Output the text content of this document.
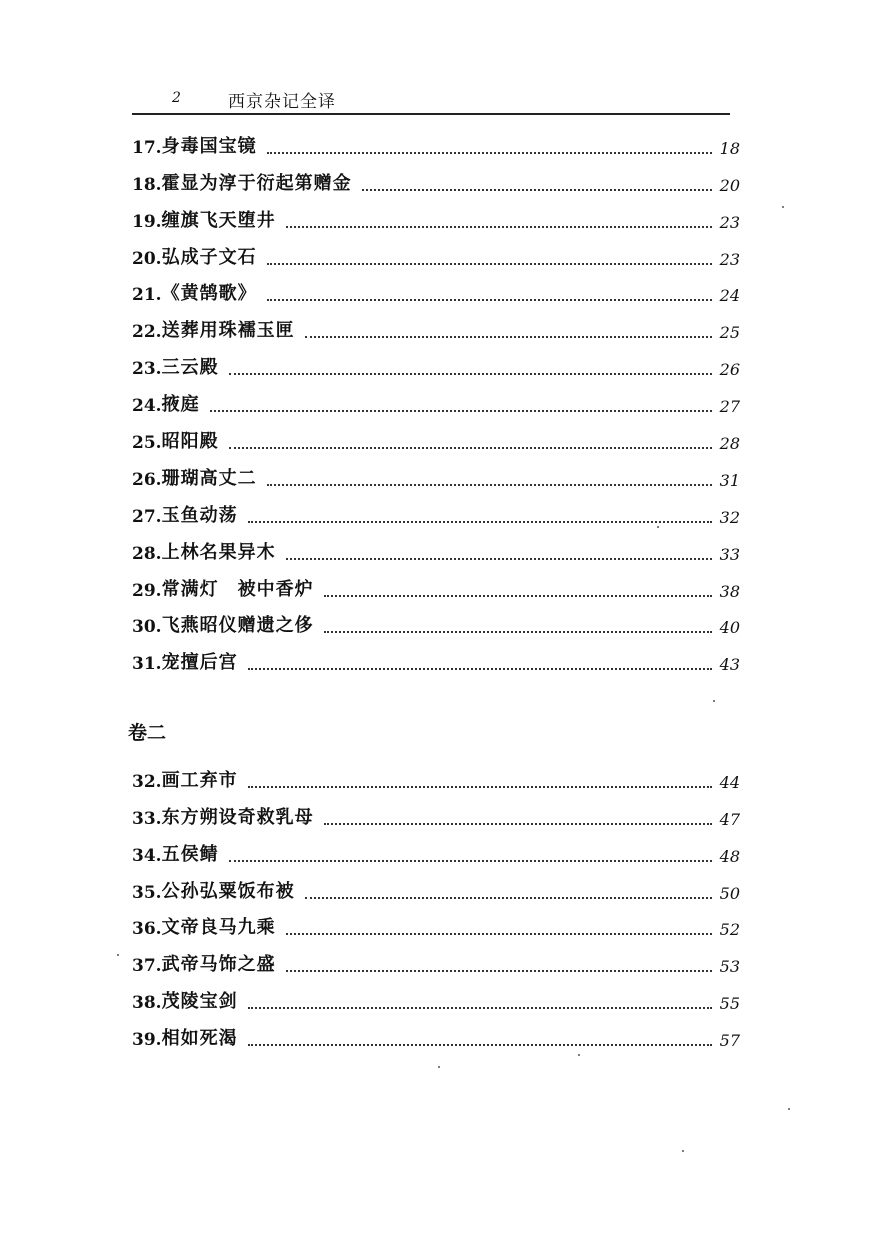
2	西京杂记全译
17. 身毒国宝镜	18
18. 霍显为淳于衍起第赠金	20
19. 缠旗飞天堕井	23
20. 弘成子文石	23
21. 《黄鹄歌》	24
22. 送葬用珠襦玉匣	25
23. 三云殿	26
24. 掖庭	27
25. 昭阳殿	28
26. 珊瑚高丈二	31
27. 玉鱼动荡	32
28. 上林名果异木	33
29. 常满灯　被中香炉	38
30. 飞燕昭仪赠遗之侈	40
31. 宠擅后宫	43
卷二
32. 画工弃市	44
33. 东方朔设奇救乳母	47
34. 五侯鲭	48
35. 公孙弘粟饭布被	50
36. 文帝良马九乘	52
37. 武帝马饰之盛	53
38. 茂陵宝剑	55
39. 相如死渴	57
